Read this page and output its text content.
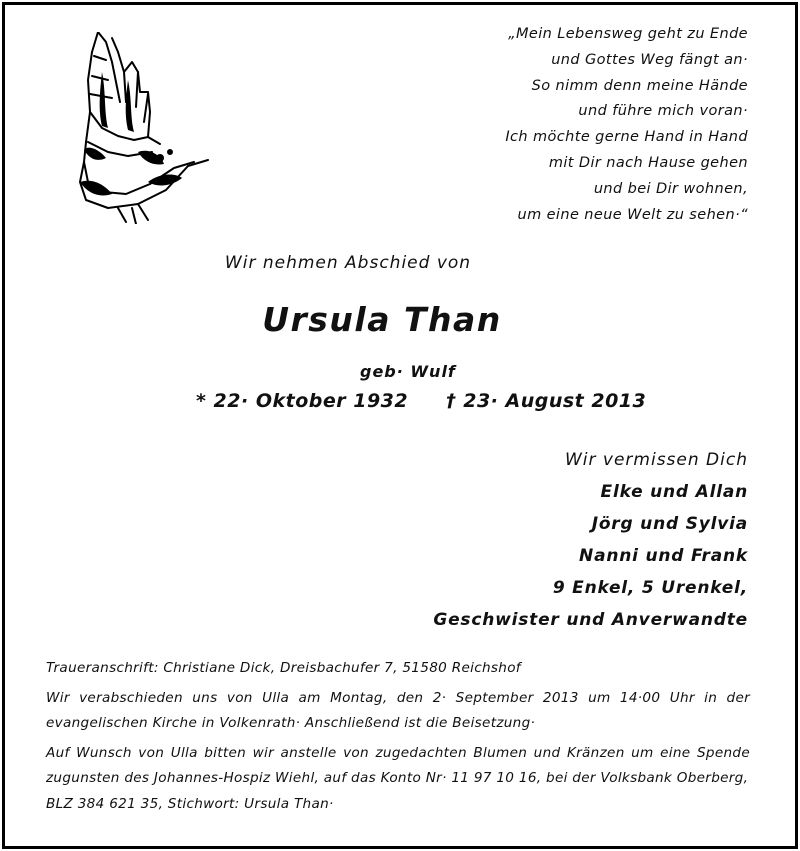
„Mein Lebensweg geht zu Ende
und Gottes Weg fängt an·
So nimm denn meine Hände
und führe mich voran·
Ich möchte gerne Hand in Hand
mit Dir nach Hause gehen
und bei Dir wohnen,
um eine neue Welt zu sehen·“
Wir nehmen Abschied von
Ursula Than
geb· Wulf
* 22· Oktober 1932 † 23· August 2013
Wir vermissen Dich
Elke und Allan
Jörg und Sylvia
Nanni und Frank
9 Enkel, 5 Urenkel,
Geschwister und Anverwandte

Traueranschrift: Christiane Dick, Dreisbachufer 7, 51580 Reichshof

Wir verabschieden uns von Ulla am Montag, den 2· September 2013 um 14·00 Uhr in der evangelischen Kirche in Volkenrath· Anschließend ist die Beisetzung·

Auf Wunsch von Ulla bitten wir anstelle von zugedachten Blumen und Kränzen um eine Spende zugunsten des Johannes-Hospiz Wiehl, auf das Konto Nr· 11 97 10 16, bei der Volksbank Oberberg,

BLZ 384 621 35, Stichwort: Ursula Than·
